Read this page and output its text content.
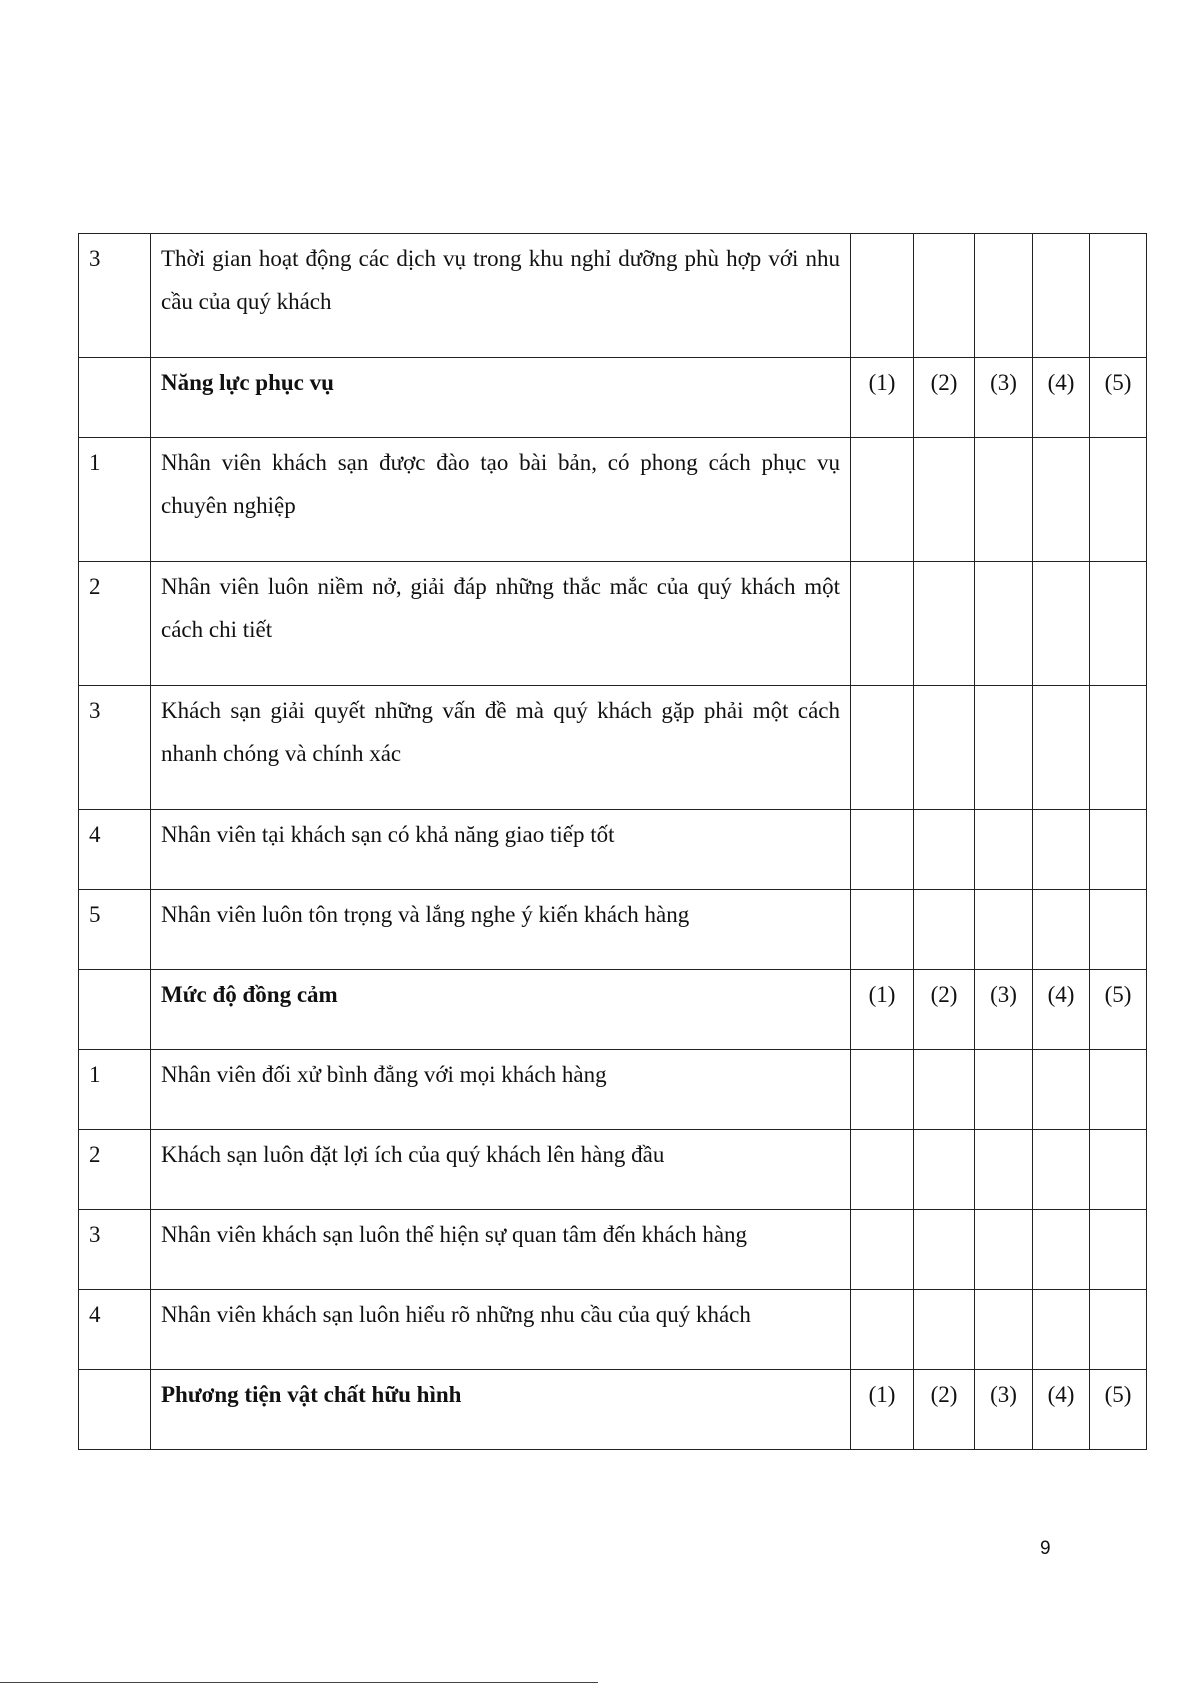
3	Thời gian hoạt động các dịch vụ trong khu nghỉ dưỡng phù hợp với nhu cầu của quý khách					

	Năng lực phục vụ	(1)	(2)	(3)	(4)	(5)

1	Nhân viên khách sạn được đào tạo bài bản, có phong cách phục vụ chuyên nghiệp					

2	Nhân viên luôn niềm nở, giải đáp những thắc mắc của quý khách một cách chi tiết					

3	Khách sạn giải quyết những vấn đề mà quý khách gặp phải một cách nhanh chóng và chính xác					

4	Nhân viên tại khách sạn có khả năng giao tiếp tốt					

5	Nhân viên luôn tôn trọng và lắng nghe ý kiến khách hàng					

	Mức độ đồng cảm	(1)	(2)	(3)	(4)	(5)

1	Nhân viên đối xử bình đẳng với mọi khách hàng					

2	Khách sạn luôn đặt lợi ích của quý khách lên hàng đầu					

3	Nhân viên khách sạn luôn thể hiện sự quan tâm đến khách hàng					

4	Nhân viên khách sạn luôn hiểu rõ những nhu cầu của quý khách					

	Phương tiện vật chất hữu hình	(1)	(2)	(3)	(4)	(5)
9
